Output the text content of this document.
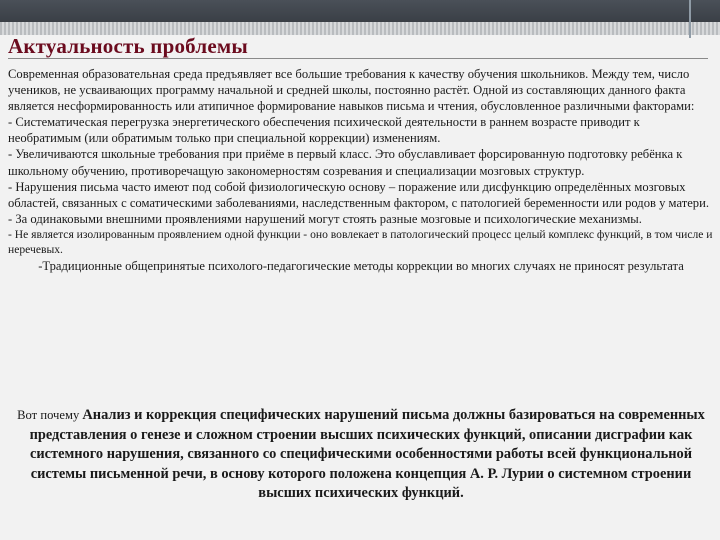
Актуальность проблемы

Современная образовательная среда предъявляет все большие требования к качеству обучения школьников. Между тем, число учеников, не усваивающих программу начальной и средней школы, постоянно растёт. Одной из составляющих данного факта является несформированность или атипичное формирование навыков письма и чтения, обусловленное различными факторами:

- Систематическая перегрузка энергетического обеспечения психической деятельности в раннем возрасте приводит к необратимым (или обратимым только при специальной коррекции) изменениям.

- Увеличиваются школьные требования при приёме в первый класс. Это обуславливает форсированную подготовку ребёнка к школьному обучению, противоречащую закономерностям созревания и специализации мозговых структур.

- Нарушения письма часто имеют под собой физиологическую основу – поражение или дисфункцию определённых мозговых областей, связанных с соматическими заболеваниями, наследственным фактором, с патологией беременности или родов у матери.

- За одинаковыми внешними проявлениями нарушений могут стоять разные мозговые и психологические механизмы.

- Не является изолированным проявлением одной функции - оно вовлекает в патологический процесс целый комплекс функций, в том числе и неречевых.

-Традиционные общепринятые психолого-педагогические методы коррекции во многих случаях не приносят результата

Вот почему Анализ и коррекция специфических нарушений письма должны базироваться на современных представления о генезе и сложном строении высших психических функций, описании дисграфии как системного нарушения, связанного со специфическими особенностями работы всей функциональной системы письменной речи, в основу которого положена концепция А. Р. Лурии о системном строении высших психических функций.
